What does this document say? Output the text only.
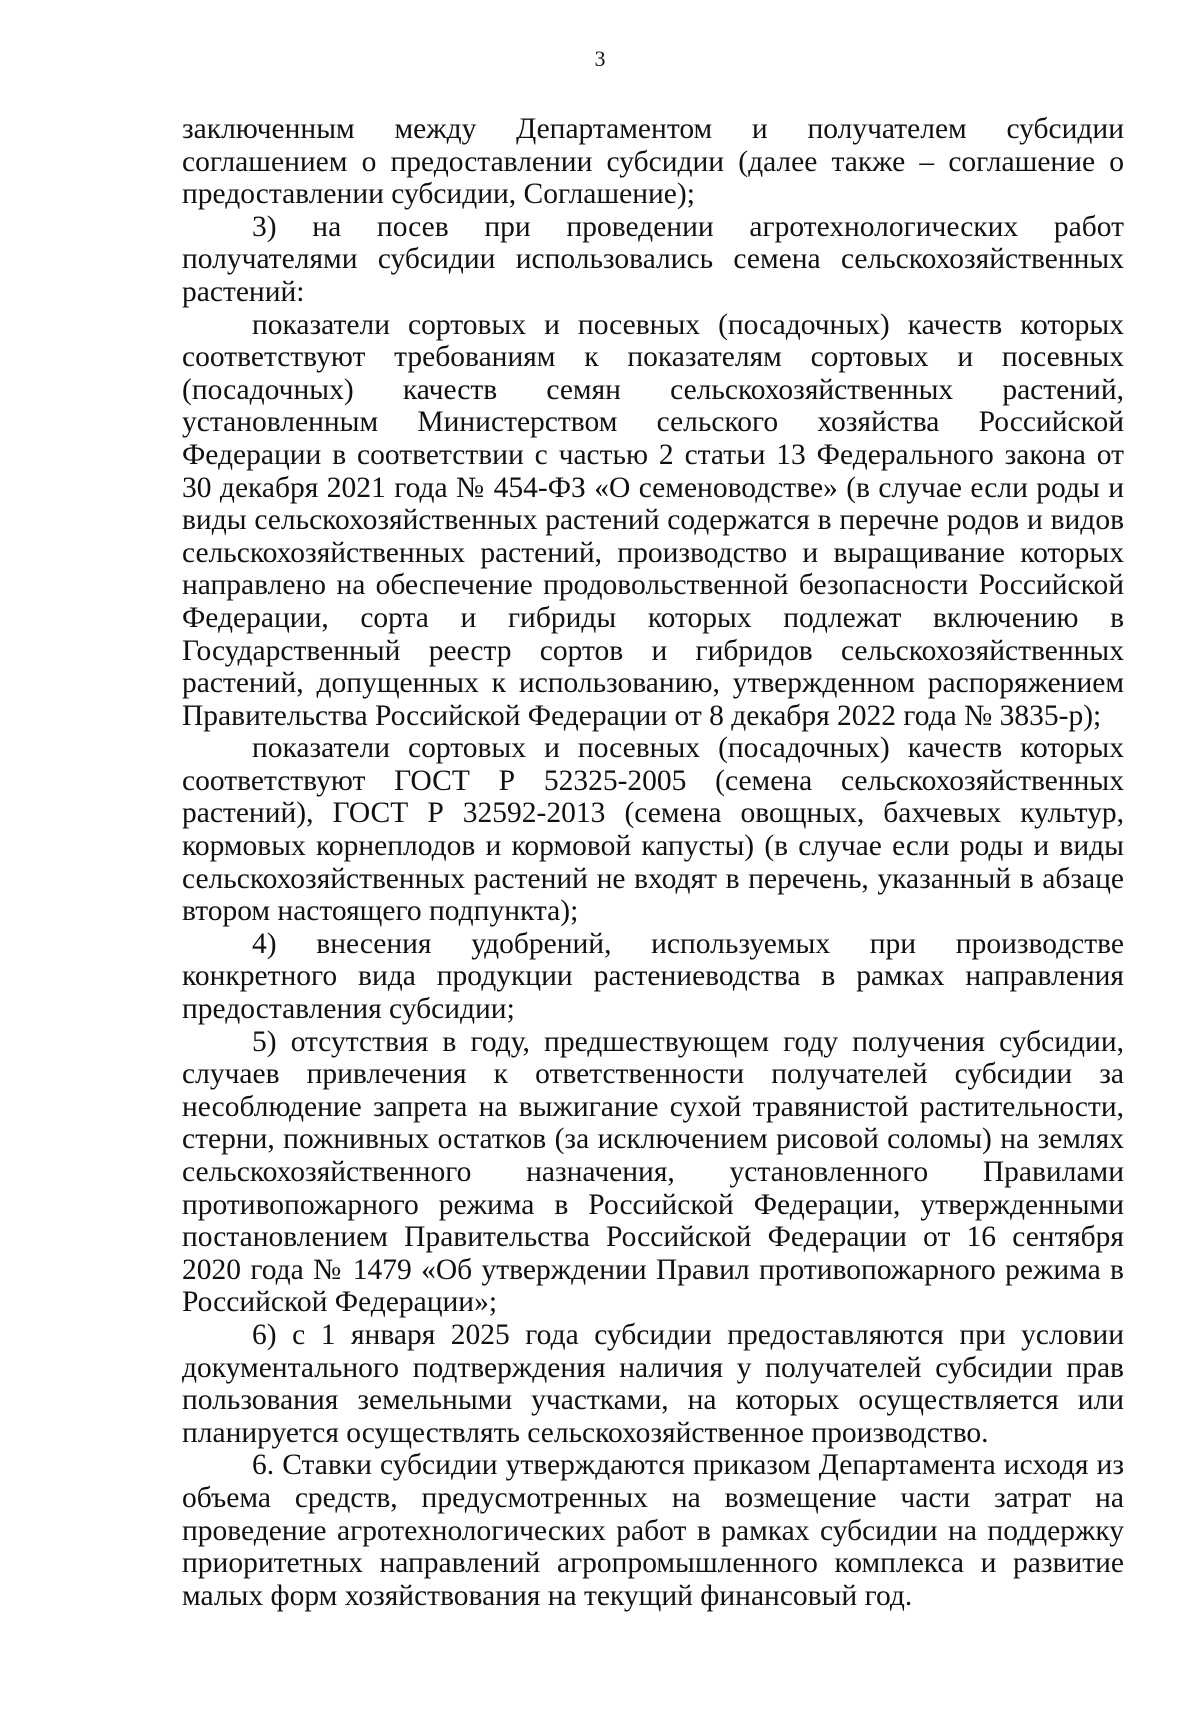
3

заключенным между Департаментом и получателем субсидии соглашением о предоставлении субсидии (далее также – соглашение о предоставлении субсидии, Соглашение);

3) на посев при проведении агротехнологических работ получателями субсидии использовались семена сельскохозяйственных растений:

показатели сортовых и посевных (посадочных) качеств которых соответствуют требованиям к показателям сортовых и посевных (посадочных) качеств семян сельскохозяйственных растений, установленным Министерством сельского хозяйства Российской Федерации в соответствии с частью 2 статьи 13 Федерального закона от 30 декабря 2021 года № 454-ФЗ «О семеноводстве» (в случае если роды и виды сельскохозяйственных растений содержатся в перечне родов и видов сельскохозяйственных растений, производство и выращивание которых направлено на обеспечение продовольственной безопасности Российской Федерации, сорта и гибриды которых подлежат включению в Государственный реестр сортов и гибридов сельскохозяйственных растений, допущенных к использованию, утвержденном распоряжением Правительства Российской Федерации от 8 декабря 2022 года № 3835-р);

показатели сортовых и посевных (посадочных) качеств которых соответствуют ГОСТ Р 52325-2005 (семена сельскохозяйственных растений), ГОСТ Р 32592-2013 (семена овощных, бахчевых культур, кормовых корнеплодов и кормовой капусты) (в случае если роды и виды сельскохозяйственных растений не входят в перечень, указанный в абзаце втором настоящего подпункта);

4) внесения удобрений, используемых при производстве конкретного вида продукции растениеводства в рамках направления предоставления субсидии;

5) отсутствия в году, предшествующем году получения субсидии, случаев привлечения к ответственности получателей субсидии за несоблюдение запрета на выжигание сухой травянистой растительности, стерни, пожнивных остатков (за исключением рисовой соломы) на землях сельскохозяйственного назначения, установленного Правилами противопожарного режима в Российской Федерации, утвержденными постановлением Правительства Российской Федерации от 16 сентября 2020 года № 1479 «Об утверждении Правил противопожарного режима в Российской Федерации»;

6) с 1 января 2025 года субсидии предоставляются при условии документального подтверждения наличия у получателей субсидии прав пользования земельными участками, на которых осуществляется или планируется осуществлять сельскохозяйственное производство.

6. Ставки субсидии утверждаются приказом Департамента исходя из объема средств, предусмотренных на возмещение части затрат на проведение агротехнологических работ в рамках субсидии на поддержку приоритетных направлений агропромышленного комплекса и развитие малых форм хозяйствования на текущий финансовый год.
